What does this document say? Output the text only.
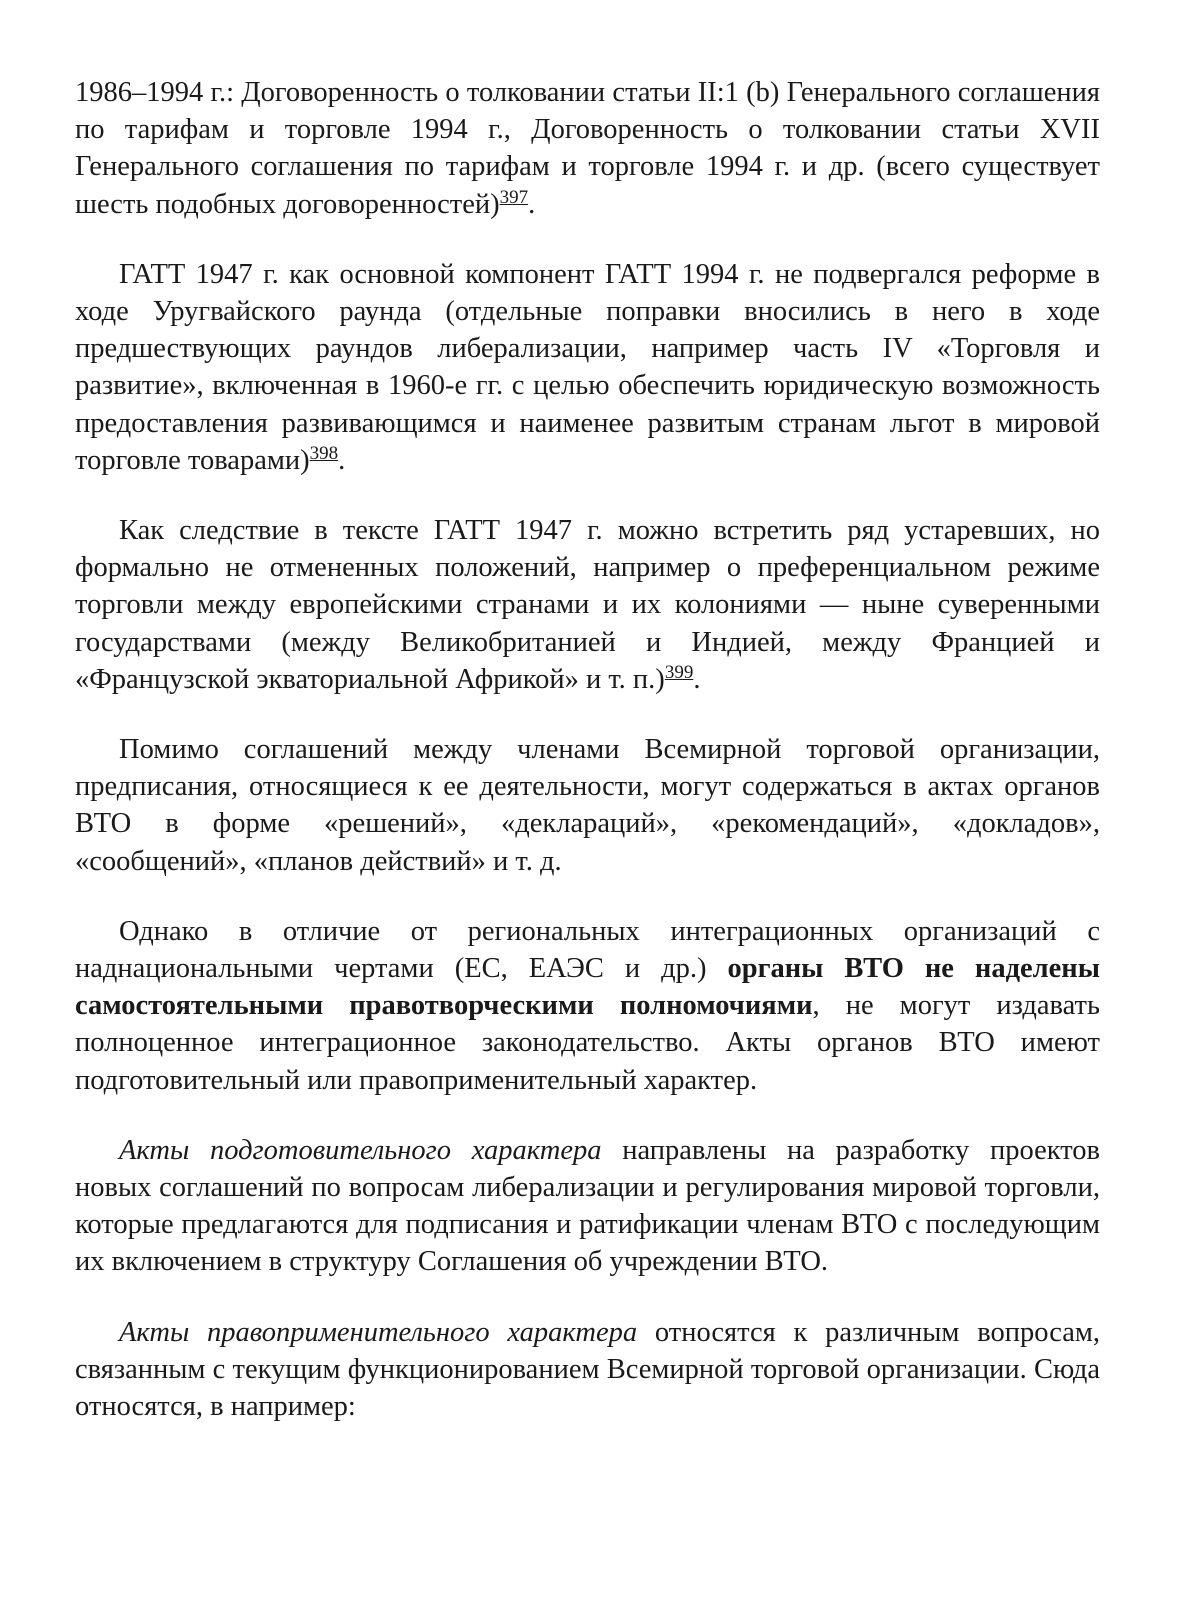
1986–1994 г.: Договоренность о толковании статьи II:1 (b) Генерального соглашения по тарифам и торговле 1994 г., Договоренность о толковании статьи XVII Генерального соглашения по тарифам и торговле 1994 г. и др. (всего существует шесть подобных договоренностей)$^{397}$.

ГАТТ 1947 г. как основной компонент ГАТТ 1994 г. не подвергался реформе в ходе Уругвайского раунда (отдельные поправки вносились в него в ходе предшествующих раундов либерализации, например часть IV «Торговля и развитие», включенная в 1960-е гг. с целью обеспечить юридическую возможность предоставления развивающимся и наименее развитым странам льгот в мировой торговле товарами)$^{398}$.

Как следствие в тексте ГАТТ 1947 г. можно встретить ряд устаревших, но формально не отмененных положений, например о преференциальном режиме торговли между европейскими странами и их колониями — ныне суверенными государствами (между Великобританией и Индией, между Францией и «Французской экваториальной Африкой» и т. п.)$^{399}$.

Помимо соглашений между членами Всемирной торговой организации, предписания, относящиеся к ее деятельности, могут содержаться в актах органов ВТО в форме «решений», «деклараций», «рекомендаций», «докладов», «сообщений», «планов действий» и т. д.

Однако в отличие от региональных интеграционных организаций с наднациональными чертами (ЕС, ЕАЭС и др.) органы ВТО не наделены самостоятельными правотворческими полномочиями, не могут издавать полноценное интеграционное законодательство. Акты органов ВТО имеют подготовительный или правоприменительный характер.

Акты подготовительного характера направлены на разработку проектов новых соглашений по вопросам либерализации и регулирования мировой торговли, которые предлагаются для подписания и ратификации членам ВТО с последующим их включением в структуру Соглашения об учреждении ВТО.

Акты правоприменительного характера относятся к различным вопросам, связанным с текущим функционированием Всемирной торговой организации. Сюда относятся, в например:
